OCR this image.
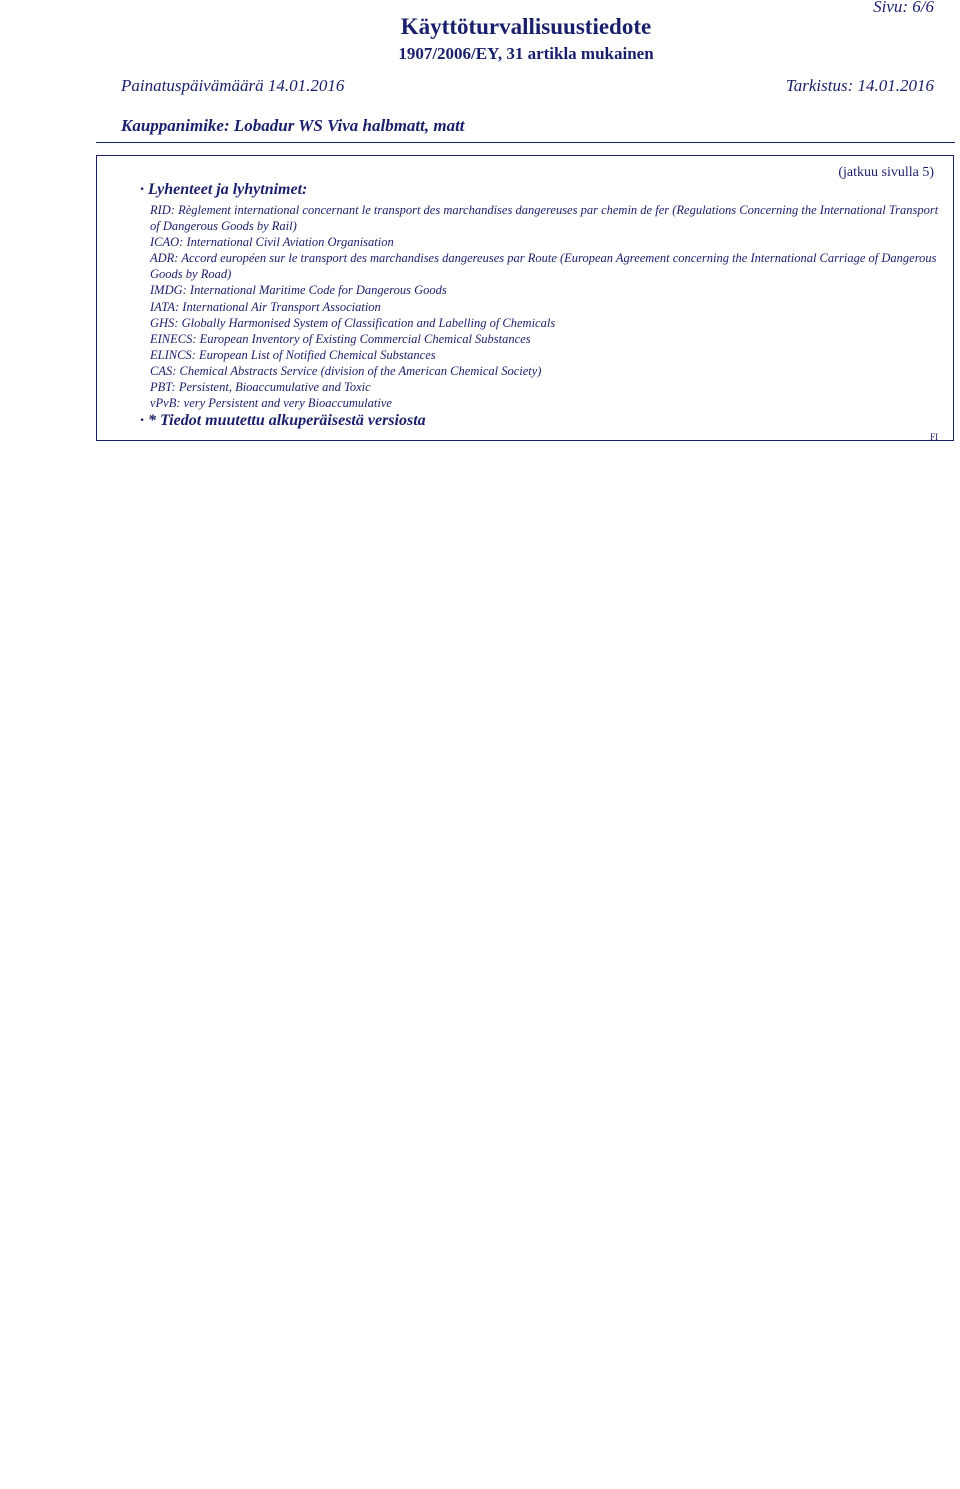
Sivu: 6/6
Käyttöturvallisuustiedote
1907/2006/EY, 31 artikla mukainen
Painatuspäivämäärä 14.01.2016	Tarkistus: 14.01.2016
Kauppanimike: Lobadur WS Viva halbmatt, matt
(jatkuu sivulla 5)
· Lyhenteet ja lyhytnimet:
RID: Règlement international concernant le transport des marchandises dangereuses par chemin de fer (Regulations Concerning the International Transport of Dangerous Goods by Rail)
ICAO: International Civil Aviation Organisation
ADR: Accord européen sur le transport des marchandises dangereuses par Route (European Agreement concerning the International Carriage of Dangerous Goods by Road)
IMDG: International Maritime Code for Dangerous Goods
IATA: International Air Transport Association
GHS: Globally Harmonised System of Classification and Labelling of Chemicals
EINECS: European Inventory of Existing Commercial Chemical Substances
ELINCS: European List of Notified Chemical Substances
CAS: Chemical Abstracts Service (division of the American Chemical Society)
PBT: Persistent, Bioaccumulative and Toxic
vPvB: very Persistent and very Bioaccumulative
· * Tiedot muutettu alkuperäisestä versiosta
FI
